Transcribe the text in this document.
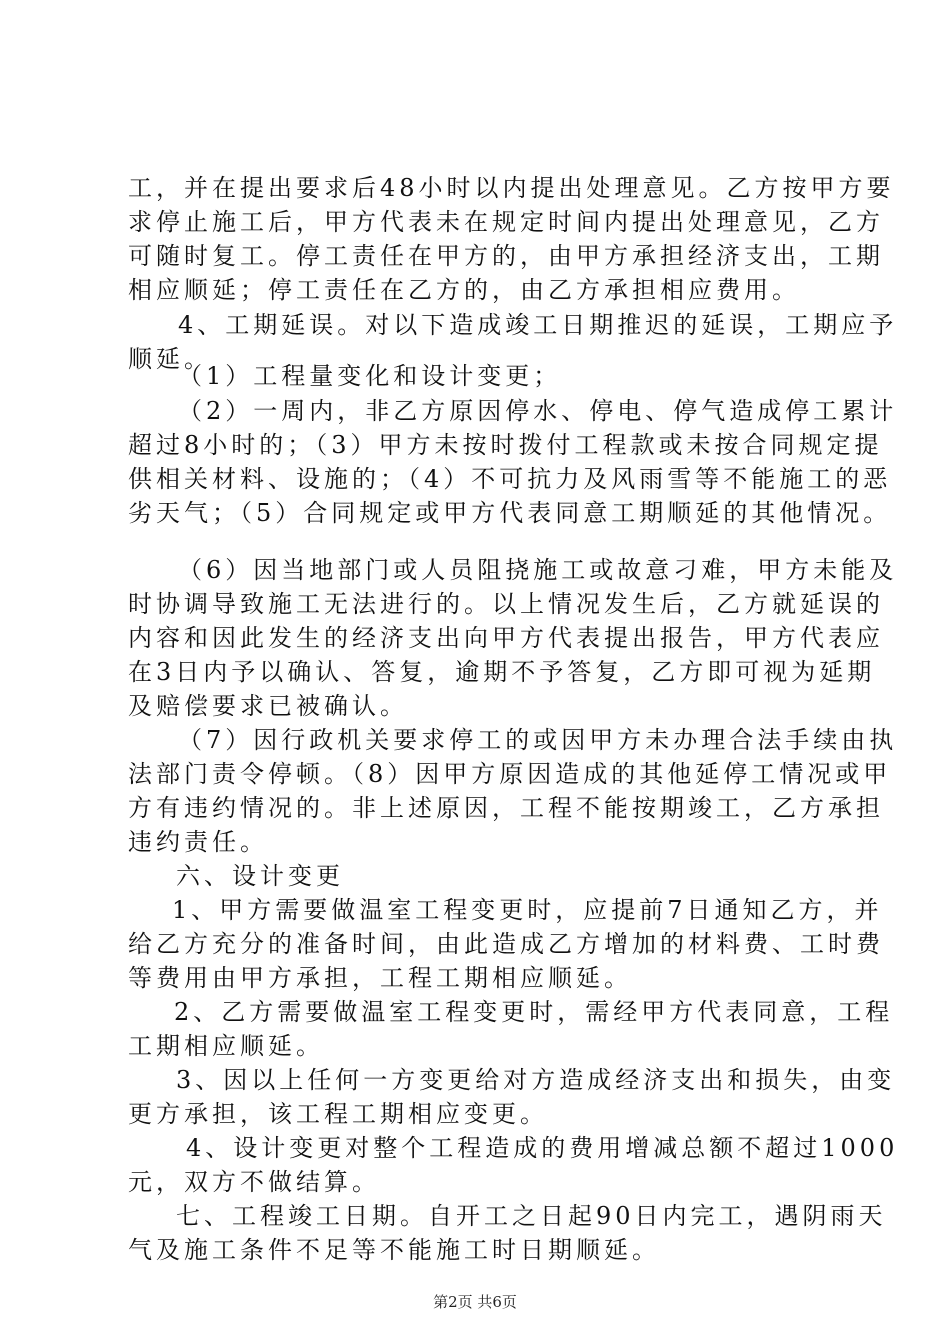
工，并在提出要求后48小时以内提出处理意见。乙方按甲方要
求停止施工后，甲方代表未在规定时间内提出处理意见，乙方
可随时复工。停工责任在甲方的，由甲方承担经济支出，工期
相应顺延；停工责任在乙方的，由乙方承担相应费用。
4、工期延误。对以下造成竣工日期推迟的延误，工期应予
顺延。
（1）工程量变化和设计变更；
（2）一周内，非乙方原因停水、停电、停气造成停工累计
超过8小时的；（3）甲方未按时拨付工程款或未按合同规定提
供相关材料、设施的；（4）不可抗力及风雨雪等不能施工的恶
劣天气；（5）合同规定或甲方代表同意工期顺延的其他情况。
（6）因当地部门或人员阻挠施工或故意刁难，甲方未能及
时协调导致施工无法进行的。以上情况发生后，乙方就延误的
内容和因此发生的经济支出向甲方代表提出报告，甲方代表应
在3日内予以确认、答复，逾期不予答复，乙方即可视为延期
及赔偿要求已被确认。
（7）因行政机关要求停工的或因甲方未办理合法手续由执
法部门责令停顿。（8）因甲方原因造成的其他延停工情况或甲
方有违约情况的。非上述原因，工程不能按期竣工，乙方承担
违约责任。
六、设计变更
1、甲方需要做温室工程变更时，应提前7日通知乙方，并
给乙方充分的准备时间，由此造成乙方增加的材料费、工时费
等费用由甲方承担，工程工期相应顺延。
2、乙方需要做温室工程变更时，需经甲方代表同意，工程
工期相应顺延。
3、因以上任何一方变更给对方造成经济支出和损失，由变
更方承担，该工程工期相应变更。
4、设计变更对整个工程造成的费用增减总额不超过1000
元，双方不做结算。
七、工程竣工日期。自开工之日起90日内完工，遇阴雨天
气及施工条件不足等不能施工时日期顺延。
第2页 共6页
